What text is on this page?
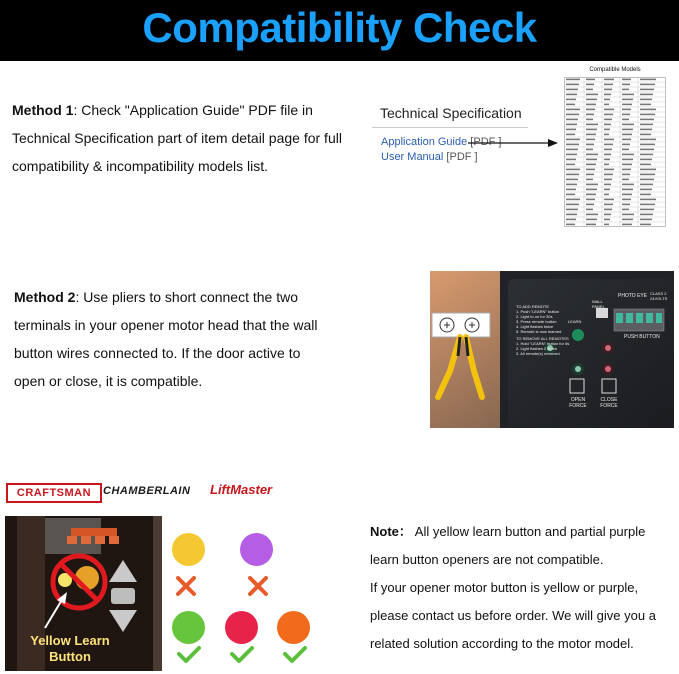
Compatibility Check
Method 1: Check "Application Guide" PDF file in Technical Specification part of item detail page for full compatibility & incompatibility models list.
Technical Specification
Application Guide [PDF ]
User Manual [PDF ]
Compatible Models
Method 2: Use pliers to short connect the two terminals in your opener motor head that the wall button wires connected to. If the door active to open or close, it is compatible.
TO ADD REMOTE
1. Push "LEARN" button
2. Light to on for 30s
3. Press remote button
4. Light flashes twice
5. Remote is now learned
TO REMOVE ALL REMOTES
1. Hold "LEARN" button for 6s
2. Light flashes 2 times
3. All remote(s) removed
LEARN
WALL PANEL
PHOTO EYE CLASS 2 24VOLTS
PUSH BUTTON
OPEN FORCE
CLOSE FORCE
CRAFTSMAN	CHAMBERLAIN LiftMaster
Yellow Learn Button
Note： All yellow learn button and partial purple learn button openers are not compatible.
If your opener motor button is yellow or purple, please contact us before order. We will give you a related solution according to the motor model.
